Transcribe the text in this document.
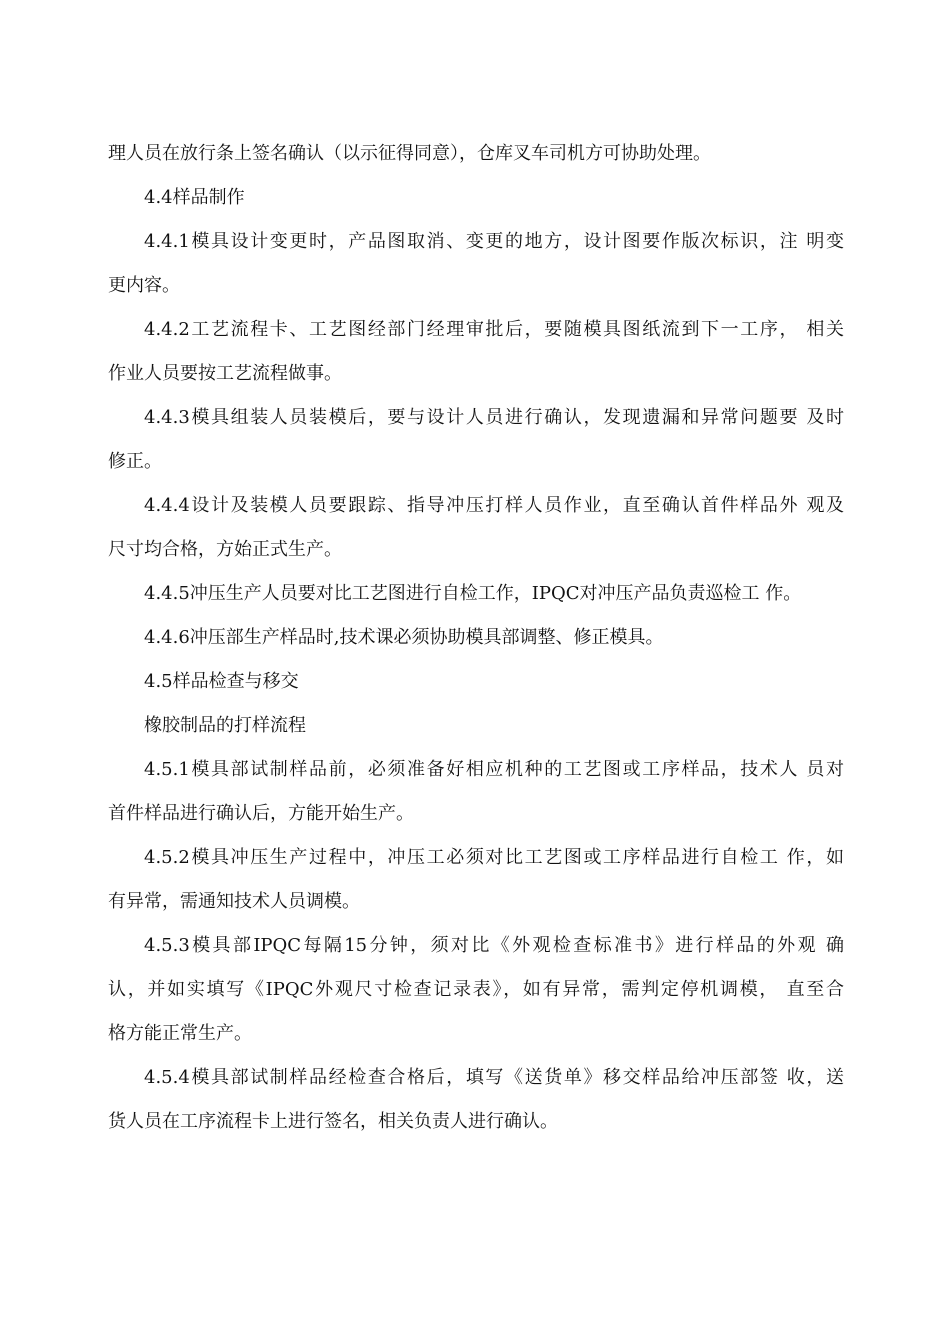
理人员在放行条上签名确认（以示征得同意），仓库叉车司机方可协助处理。
4.4样品制作
4.4.1模具设计变更时，产品图取消、变更的地方，设计图要作版次标识，注 明变
更内容。
4.4.2工艺流程卡、工艺图经部门经理审批后，要随模具图纸流到下一工序， 相关
作业人员要按工艺流程做事。
4.4.3模具组装人员装模后，要与设计人员进行确认，发现遗漏和异常问题要 及时
修正。
4.4.4设计及装模人员要跟踪、指导冲压打样人员作业，直至确认首件样品外 观及
尺寸均合格，方始正式生产。
4.4.5冲压生产人员要对比工艺图进行自检工作，IPQC对冲压产品负责巡检工 作。
4.4.6冲压部生产样品时,技术课必须协助模具部调整、修正模具。
4.5样品检查与移交
橡胶制品的打样流程
4.5.1模具部试制样品前，必须准备好相应机种的工艺图或工序样品，技术人 员对
首件样品进行确认后，方能开始生产。
4.5.2模具冲压生产过程中，冲压工必须对比工艺图或工序样品进行自检工 作，如
有异常，需通知技术人员调模。
4.5.3模具部IPQC每隔15分钟，须对比《外观检查标准书》进行样品的外观 确
认，并如实填写《IPQC外观尺寸检查记录表》，如有异常，需判定停机调模， 直至合
格方能正常生产。
4.5.4模具部试制样品经检查合格后，填写《送货单》移交样品给冲压部签 收，送
货人员在工序流程卡上进行签名，相关负责人进行确认。
